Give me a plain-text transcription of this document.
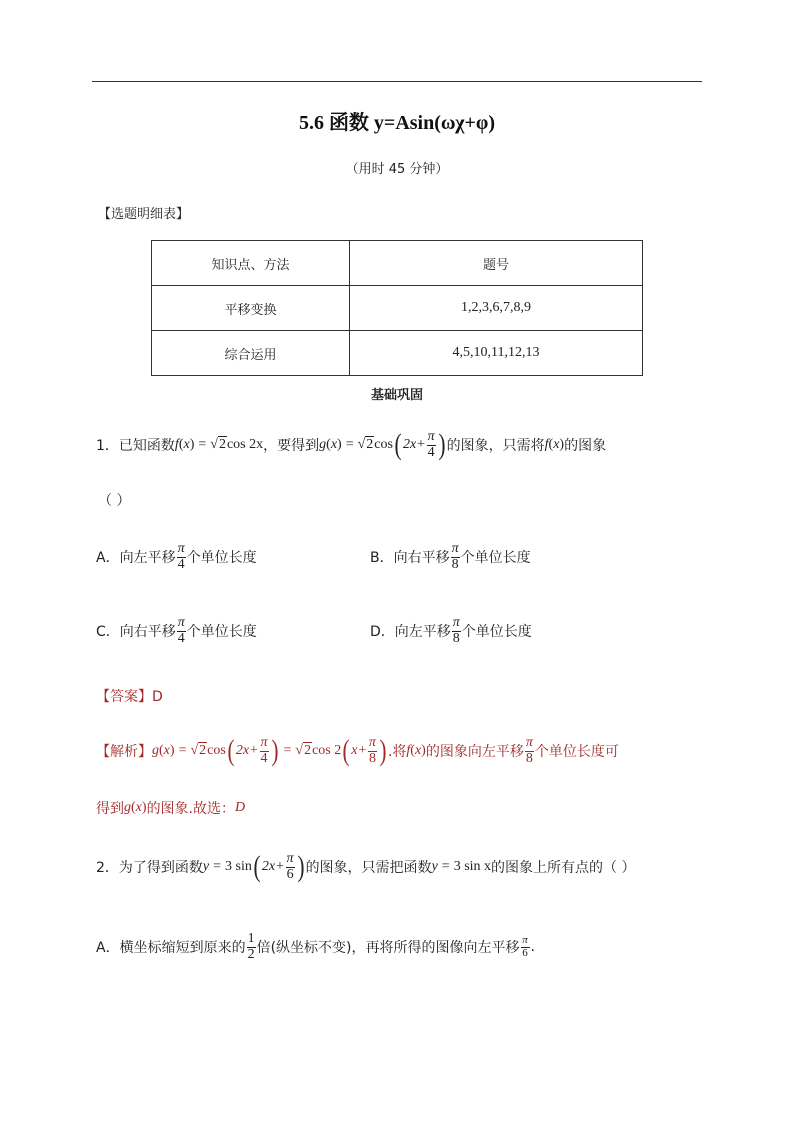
5.6 函数 y=Asin(ωχ+φ)
（用时 45 分钟）
【选题明细表】
知识点、方法	题号
平移变换	1,2,3,6,7,8,9
综合运用	4,5,10,11,12,13
基础巩固
1． 已知函数 f ( x ) = √2 cos 2x ，要得到 g ( x ) = √2 cos ( $2x+ \frac{\pi}{4}$ ) 的图象，只需将 f ( x ) 的图象
（ ）
A．向左平移 $\frac{\pi}{4}$ 个单位长度	B．向右平移 $\frac{\pi}{8}$ 个单位长度
C．向右平移 $\frac{\pi}{4}$ 个单位长度	D．向左平移 $\frac{\pi}{8}$ 个单位长度
【答案】D
【解析】 g ( x ) = √2 cos ( $2x+ \frac{\pi}{4}$ ) = √2 cos 2 ( $x+ \frac{\pi}{8}$ ) .将 f ( x ) 的图象向左平移 $\frac{\pi}{8}$ 个单位长度可
得到 g ( x ) 的图象.故选： D
2． 为了得到函数 y = 3 sin ( $2x+ \frac{\pi}{6}$ ) 的图象，只需把函数 y = 3 sin x 的图象上所有点的（ ）
A．横坐标缩短到原来的 $\frac{1}{2}$ 倍(纵坐标不变)，再将所得的图像向左平移 $\frac{\pi}{6}$ .
